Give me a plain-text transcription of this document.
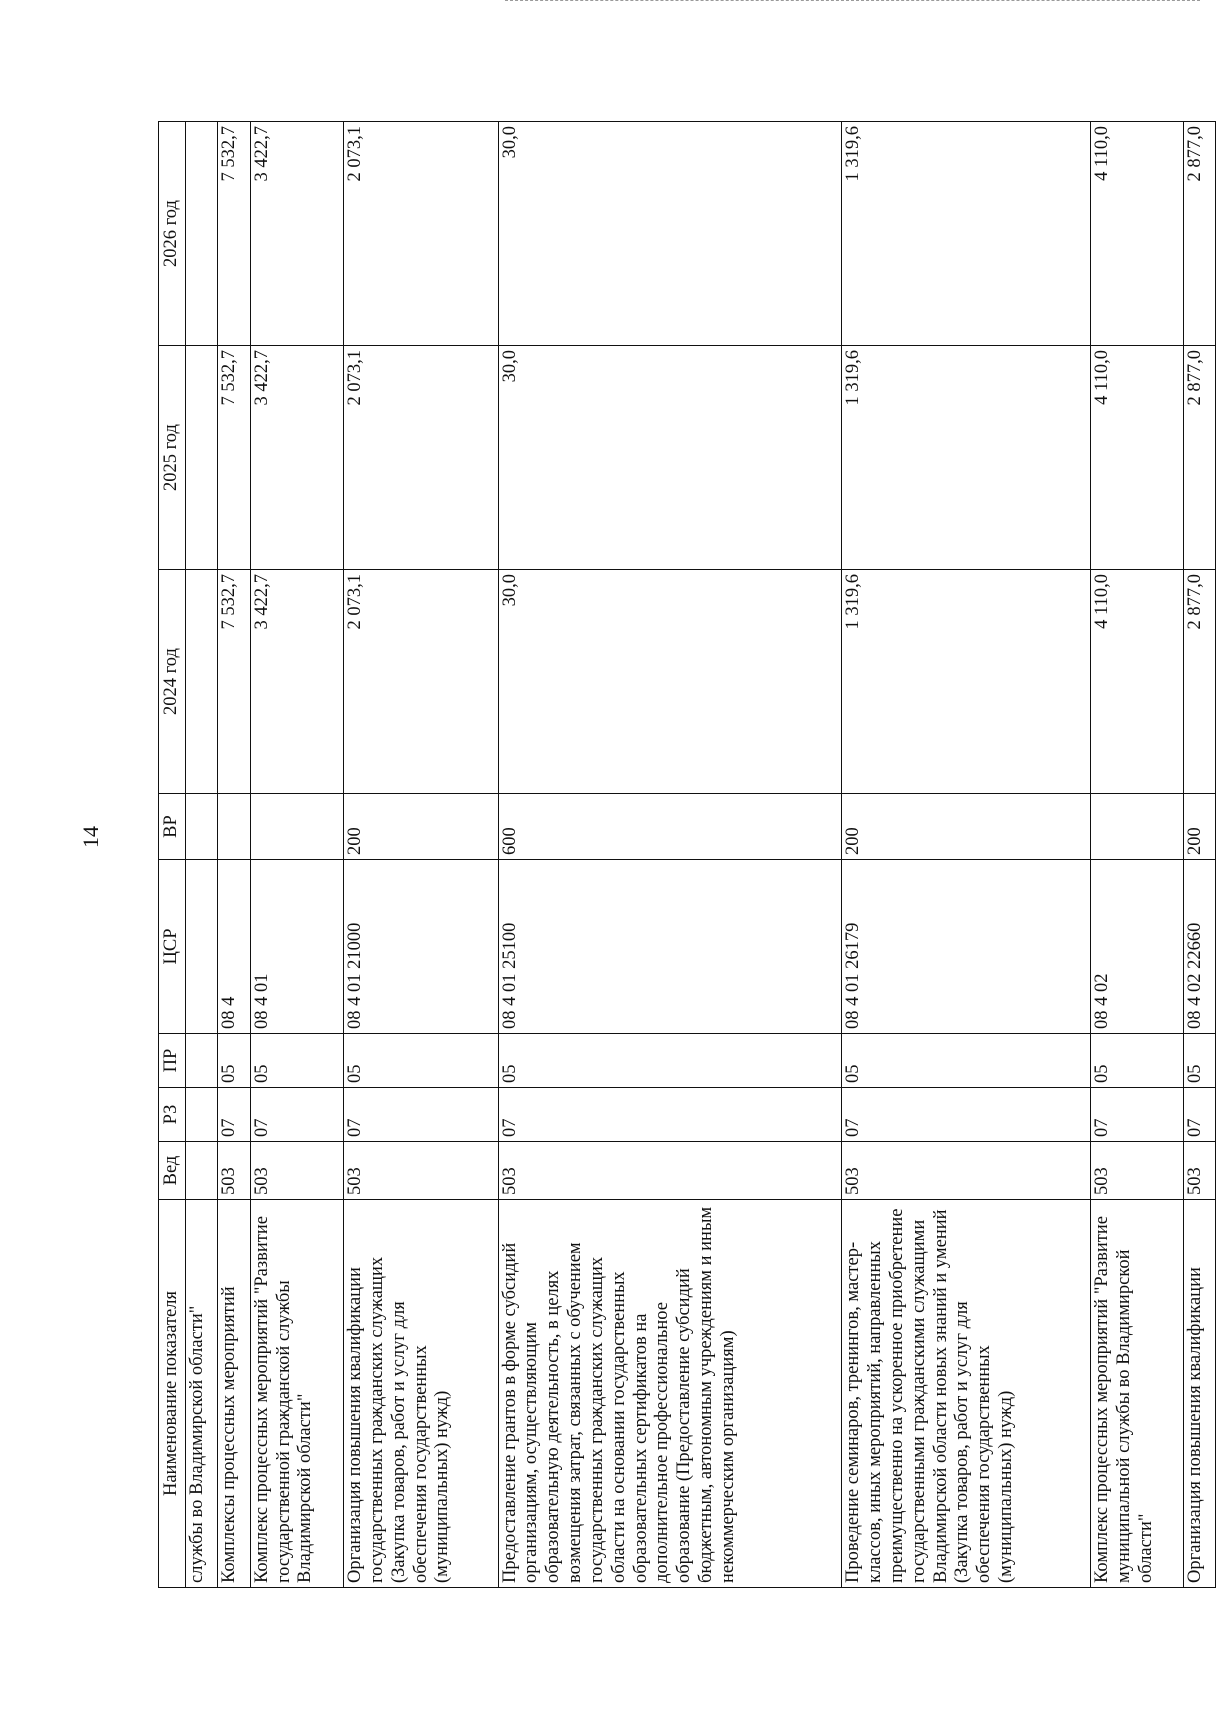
14
Наименование показателя	Вед	РЗ	ПР	ЦСР	ВР	2024 год	2025 год	2026 год
службы во Владимирской области"								
Комплексы процессных мероприятий	503	07	05	08 4		7 532,7	7 532,7	7 532,7
Комплекс процессных мероприятий "Развитие государственной гражданской службы Владимирской области"	503	07	05	08 4 01		3 422,7	3 422,7	3 422,7
Организация повышения квалификации государственных гражданских служащих (Закупка товаров, работ и услуг для обеспечения государственных (муниципальных) нужд)	503	07	05	08 4 01 21000	200	2 073,1	2 073,1	2 073,1
Предоставление грантов в форме субсидий организациям, осуществляющим образовательную деятельность, в целях возмещения затрат, связанных с обучением государственных гражданских служащих области на основании государственных образовательных сертификатов на дополнительное профессиональное образование (Предоставление субсидий бюджетным, автономным учреждениям и иным некоммерческим организациям)	503	07	05	08 4 01 25100	600	30,0	30,0	30,0
Проведение семинаров, тренингов, мастер-классов, иных мероприятий, направленных преимущественно на ускоренное приобретение государственными гражданскими служащими Владимирской области новых знаний и умений (Закупка товаров, работ и услуг для обеспечения государственных (муниципальных) нужд)	503	07	05	08 4 01 26179	200	1 319,6	1 319,6	1 319,6
Комплекс процессных мероприятий "Развитие муниципальной службы во Владимирской области"	503	07	05	08 4 02		4 110,0	4 110,0	4 110,0
Организация повышения квалификации	503	07	05	08 4 02 22660	200	2 877,0	2 877,0	2 877,0
